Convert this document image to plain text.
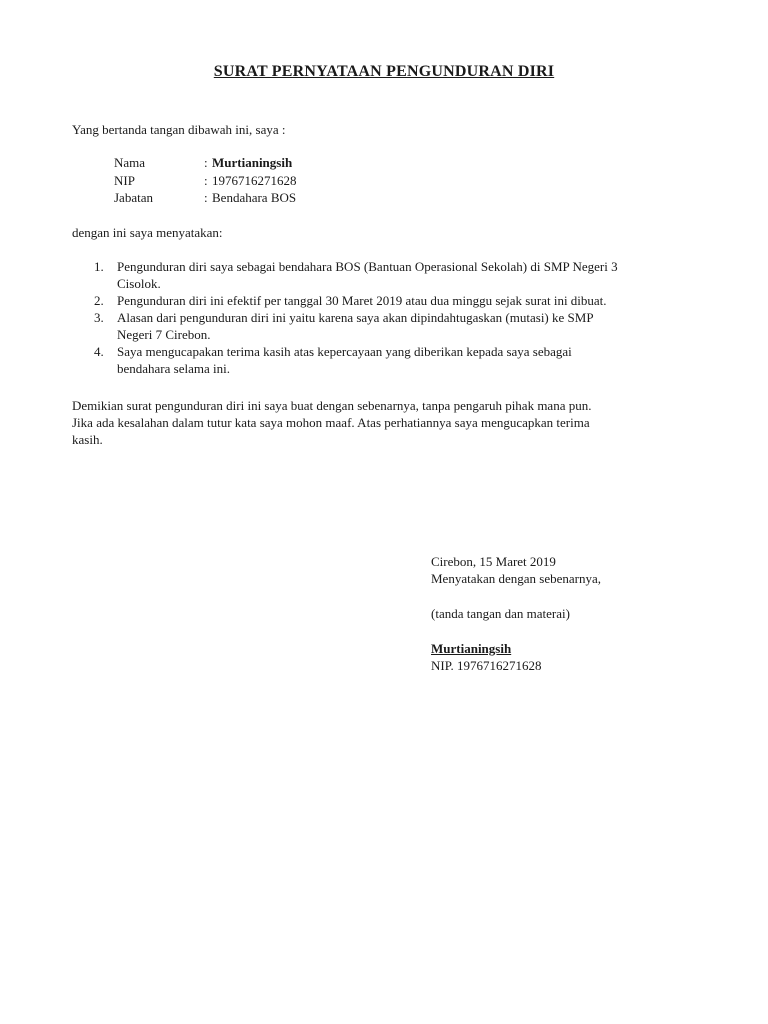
SURAT PERNYATAAN PENGUNDURAN DIRI
Yang bertanda tangan dibawah ini, saya :
Nama	: Murtianingsih
NIP	: 1976716271628
Jabatan	: Bendahara BOS
dengan ini saya menyatakan:
1.	Pengunduran diri saya sebagai bendahara BOS (Bantuan Operasional Sekolah) di SMP Negeri 3
Cisolok.
2.	Pengunduran diri ini efektif per tanggal 30 Maret 2019 atau dua minggu sejak surat ini dibuat.
3.	Alasan dari pengunduran diri ini yaitu karena saya akan dipindahtugaskan (mutasi) ke SMP
Negeri 7 Cirebon.
4.	Saya mengucapakan terima kasih atas kepercayaan yang diberikan kepada saya sebagai
bendahara selama ini.
Demikian surat pengunduran diri ini saya buat dengan sebenarnya, tanpa pengaruh pihak mana pun.
Jika ada kesalahan dalam tutur kata saya mohon maaf. Atas perhatiannya saya mengucapkan terima
kasih.
Cirebon, 15 Maret 2019
Menyatakan dengan sebenarnya,
(tanda tangan dan materai)
Murtianingsih
NIP. 1976716271628
